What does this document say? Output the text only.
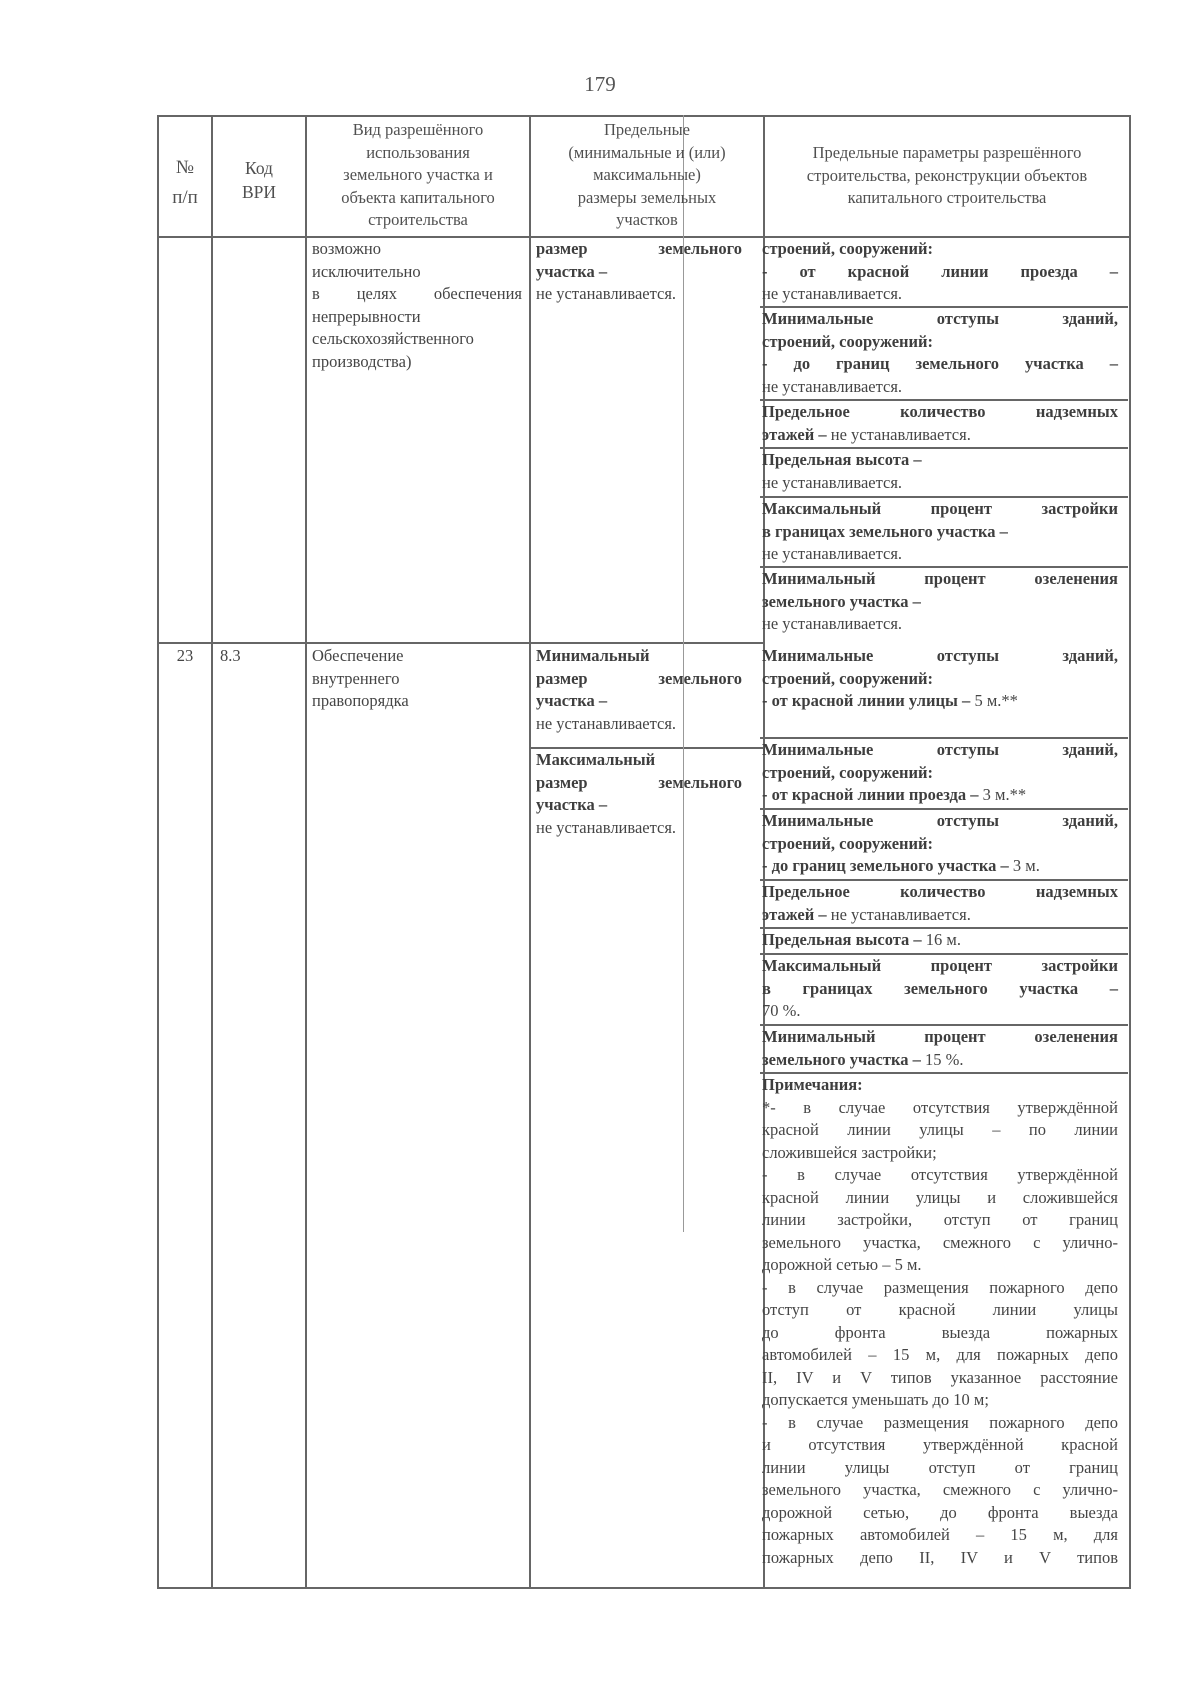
179
№
п/п
Код
ВРИ
Вид разрешённого
использования
земельного участка и
объекта капитального
строительства
Предельные
(минимальные и (или)
максимальные)
размеры земельных
участков
Предельные параметры разрешённого
строительства, реконструкции объектов
капитального строительства
возможно
исключительно
в целях обеспечения
непрерывности
сельскохозяйственного
производства)
размер земельного
участка –
не устанавливается.
строений, сооружений:
- от красной линии проезда –
не устанавливается.
Минимальные отступы зданий,
строений, сооружений:
- до границ земельного участка –
не устанавливается.
Предельное количество надземных
этажей – не устанавливается.
Предельная высота –
не устанавливается.
Максимальный процент застройки
в границах земельного участка –
не устанавливается.
Минимальный процент озеленения
земельного участка –
не устанавливается.
23	8.3	Обеспечение
внутреннего
правопорядка
Минимальный
размер земельного
участка –
не устанавливается.
Максимальный
размер земельного
участка –
не устанавливается.
Минимальные отступы зданий,
строений, сооружений:
- от красной линии улицы – 5 м.**
Минимальные отступы зданий,
строений, сооружений:
- от красной линии проезда – 3 м.**
Минимальные отступы зданий,
строений, сооружений:
- до границ земельного участка – 3 м.
Предельное количество надземных
этажей – не устанавливается.
Предельная высота – 16 м.
Максимальный процент застройки
в границах земельного участка –
70 %.
Минимальный процент озеленения
земельного участка – 15 %.
Примечания:
*- в случае отсутствия утверждённой
красной линии улицы – по линии
сложившейся застройки;
- в случае отсутствия утверждённой
красной линии улицы и сложившейся
линии застройки, отступ от границ
земельного участка, смежного с улично-
дорожной сетью – 5 м.
- в случае размещения пожарного депо
отступ от красной линии улицы
до фронта выезда пожарных
автомобилей – 15 м, для пожарных депо
II, IV и V типов указанное расстояние
допускается уменьшать до 10 м;
- в случае размещения пожарного депо
и отсутствия утверждённой красной
линии улицы отступ от границ
земельного участка, смежного с улично-
дорожной сетью, до фронта выезда
пожарных автомобилей – 15 м, для
пожарных депо II, IV и V типов
